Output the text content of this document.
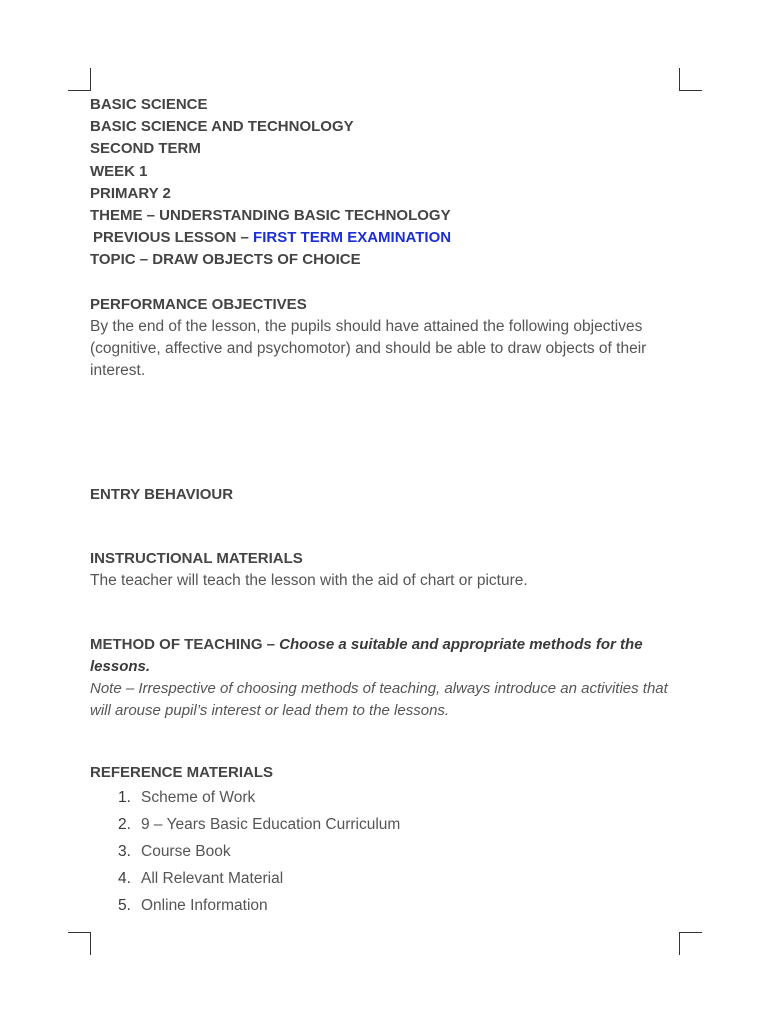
BASIC SCIENCE
BASIC SCIENCE AND TECHNOLOGY
SECOND TERM
WEEK 1
PRIMARY 2
THEME – UNDERSTANDING BASIC TECHNOLOGY
PREVIOUS LESSON – FIRST TERM EXAMINATION
TOPIC – DRAW OBJECTS OF CHOICE
PERFORMANCE OBJECTIVES

By the end of the lesson, the pupils should have attained the following objectives (cognitive, affective and psychomotor) and should be able to draw objects of their interest.

ENTRY BEHAVIOUR
INSTRUCTIONAL MATERIALS

The teacher will teach the lesson with the aid of chart or picture.

METHOD OF TEACHING – Choose a suitable and appropriate methods for the lessons.
Note – Irrespective of choosing methods of teaching, always introduce an activities that will arouse pupil’s interest or lead them to the lessons.
REFERENCE MATERIALS
1. Scheme of Work
2. 9 – Years Basic Education Curriculum
3. Course Book
4. All Relevant Material
5. Online Information
